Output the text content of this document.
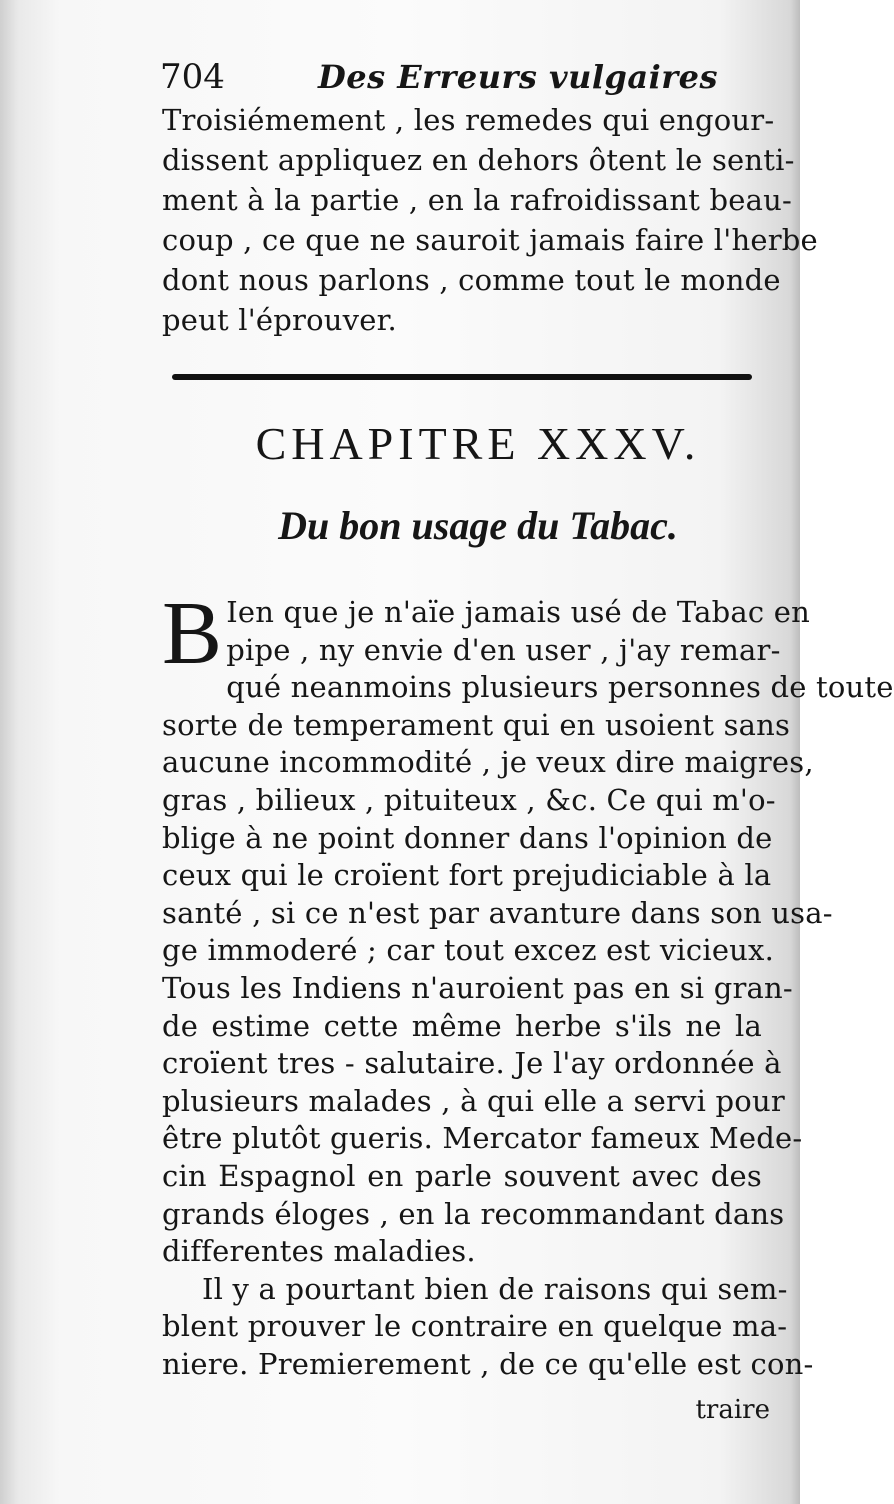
704	Des Erreurs vulgaires
Troisiémement , les remedes qui engour-
dissent appliquez en dehors ôtent le senti-
ment à la partie , en la rafroidissant beau-
coup , ce que ne sauroit jamais faire l'herbe
dont nous parlons , comme tout le monde
peut l'éprouver.
CHAPITRE XXXV.
Du bon usage du Tabac.
B Ien que je n'aïe jamais usé de Tabac en
pipe , ny envie d'en user , j'ay remar-
qué neanmoins plusieurs personnes de toute
sorte de temperament qui en usoient sans
aucune incommodité , je veux dire maigres,
gras , bilieux , pituiteux , &c. Ce qui m'o-
blige à ne point donner dans l'opinion de
ceux qui le croïent fort prejudiciable à la
santé , si ce n'est par avanture dans son usa-
ge immoderé ; car tout excez est vicieux.
Tous les Indiens n'auroient pas en si gran-
de estime cette même herbe s'ils ne la
croïent tres - salutaire. Je l'ay ordonnée à
plusieurs malades , à qui elle a servi pour
être plutôt gueris. Mercator fameux Mede-
cin Espagnol en parle souvent avec des
grands éloges , en la recommandant dans
differentes maladies.
Il y a pourtant bien de raisons qui sem-
blent prouver le contraire en quelque ma-
niere. Premierement , de ce qu'elle est con-
traire
